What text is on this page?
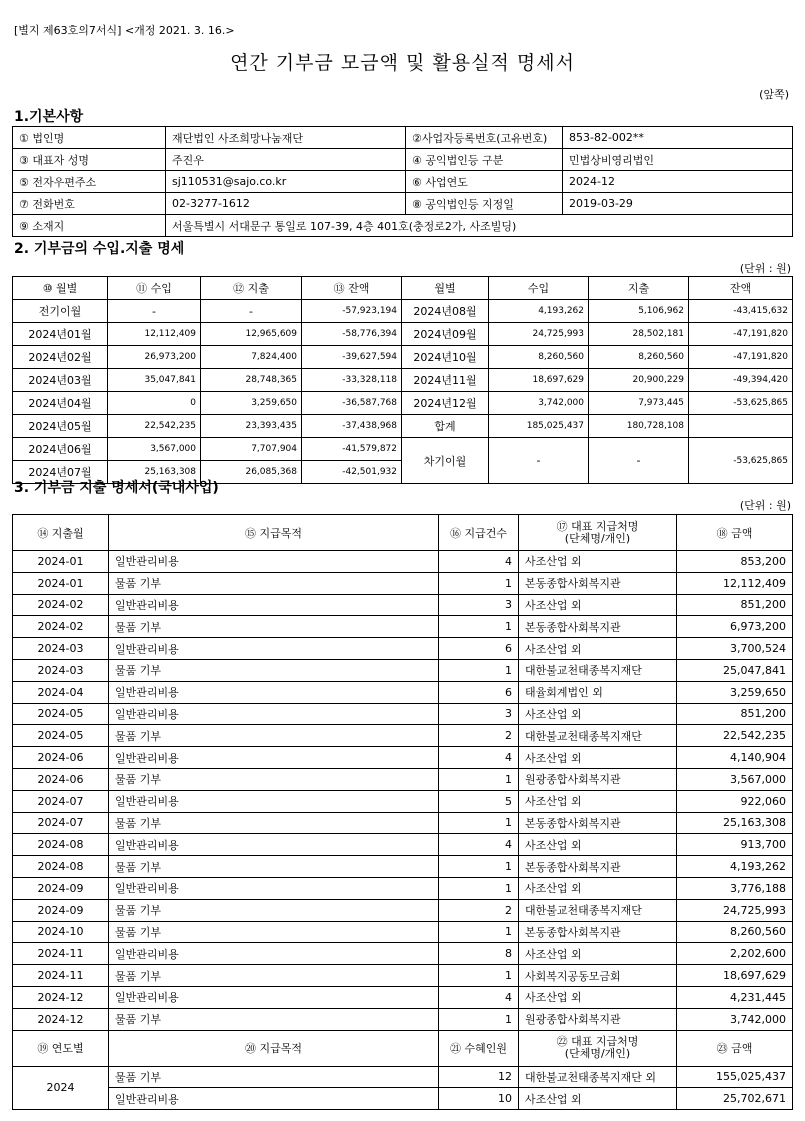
[별지 제63호의7서식] <개정 2021. 3. 16.>
연간 기부금 모금액 및 활용실적 명세서
(앞쪽)
1.기본사항
① 법인명	재단법인 사조희망나눔재단	②사업자등록번호(고유번호)	853-82-002**
③ 대표자 성명	주진우	④ 공익법인등 구분	민법상비영리법인
⑤ 전자우편주소	sj110531@sajo.co.kr	⑥ 사업연도	2024-12
⑦ 전화번호	02-3277-1612	⑧ 공익법인등 지정일	2019-03-29
⑨ 소재지	서울특별시 서대문구 통일로 107-39, 4층 401호(충정로2가, 사조빌딩)		
2. 기부금의 수입.지출 명세
(단위 : 원)
⑩ 월별	⑪ 수입	⑫ 지출	⑬ 잔액	월별	수입	지출	잔액
전기이월	-	-	-57,923,194	2024년08월	4,193,262	5,106,962	-43,415,632
2024년01월	12,112,409	12,965,609	-58,776,394	2024년09월	24,725,993	28,502,181	-47,191,820
2024년02월	26,973,200	7,824,400	-39,627,594	2024년10월	8,260,560	8,260,560	-47,191,820
2024년03월	35,047,841	28,748,365	-33,328,118	2024년11월	18,697,629	20,900,229	-49,394,420
2024년04월	0	3,259,650	-36,587,768	2024년12월	3,742,000	7,973,445	-53,625,865
2024년05월	22,542,235	23,393,435	-37,438,968	합계	185,025,437	180,728,108	
2024년06월	3,567,000	7,707,904	-41,579,872	차기이월	-	-	-53,625,865
2024년07월	25,163,308	26,085,368	-42,501,932				
3. 기부금 지출 명세서(국내사업)
(단위 : 원)
⑭ 지출월	⑮ 지급목적	⑯ 지급건수	⑰ 대표 지급처명
(단체명/개인)	⑱ 금액
2024-01	일반관리비용	4	사조산업 외	853,200
2024-01	물품 기부	1	본동종합사회복지관	12,112,409
2024-02	일반관리비용	3	사조산업 외	851,200
2024-02	물품 기부	1	본동종합사회복지관	6,973,200
2024-03	일반관리비용	6	사조산업 외	3,700,524
2024-03	물품 기부	1	대한불교천태종복지재단	25,047,841
2024-04	일반관리비용	6	태율회계법인 외	3,259,650
2024-05	일반관리비용	3	사조산업 외	851,200
2024-05	물품 기부	2	대한불교천태종복지재단	22,542,235
2024-06	일반관리비용	4	사조산업 외	4,140,904
2024-06	물품 기부	1	원광종합사회복지관	3,567,000
2024-07	일반관리비용	5	사조산업 외	922,060
2024-07	물품 기부	1	본동종합사회복지관	25,163,308
2024-08	일반관리비용	4	사조산업 외	913,700
2024-08	물품 기부	1	본동종합사회복지관	4,193,262
2024-09	일반관리비용	1	사조산업 외	3,776,188
2024-09	물품 기부	2	대한불교천태종복지재단	24,725,993
2024-10	물품 기부	1	본동종합사회복지관	8,260,560
2024-11	일반관리비용	8	사조산업 외	2,202,600
2024-11	물품 기부	1	사회복지공동모금회	18,697,629
2024-12	일반관리비용	4	사조산업 외	4,231,445
2024-12	물품 기부	1	원광종합사회복지관	3,742,000
⑲ 연도별	⑳ 지급목적	㉑ 수혜인원	㉒ 대표 지급처명
(단체명/개인)	㉓ 금액
2024	물품 기부	12	대한불교천태종복지재단 외	155,025,437
	일반관리비용	10	사조산업 외	25,702,671
